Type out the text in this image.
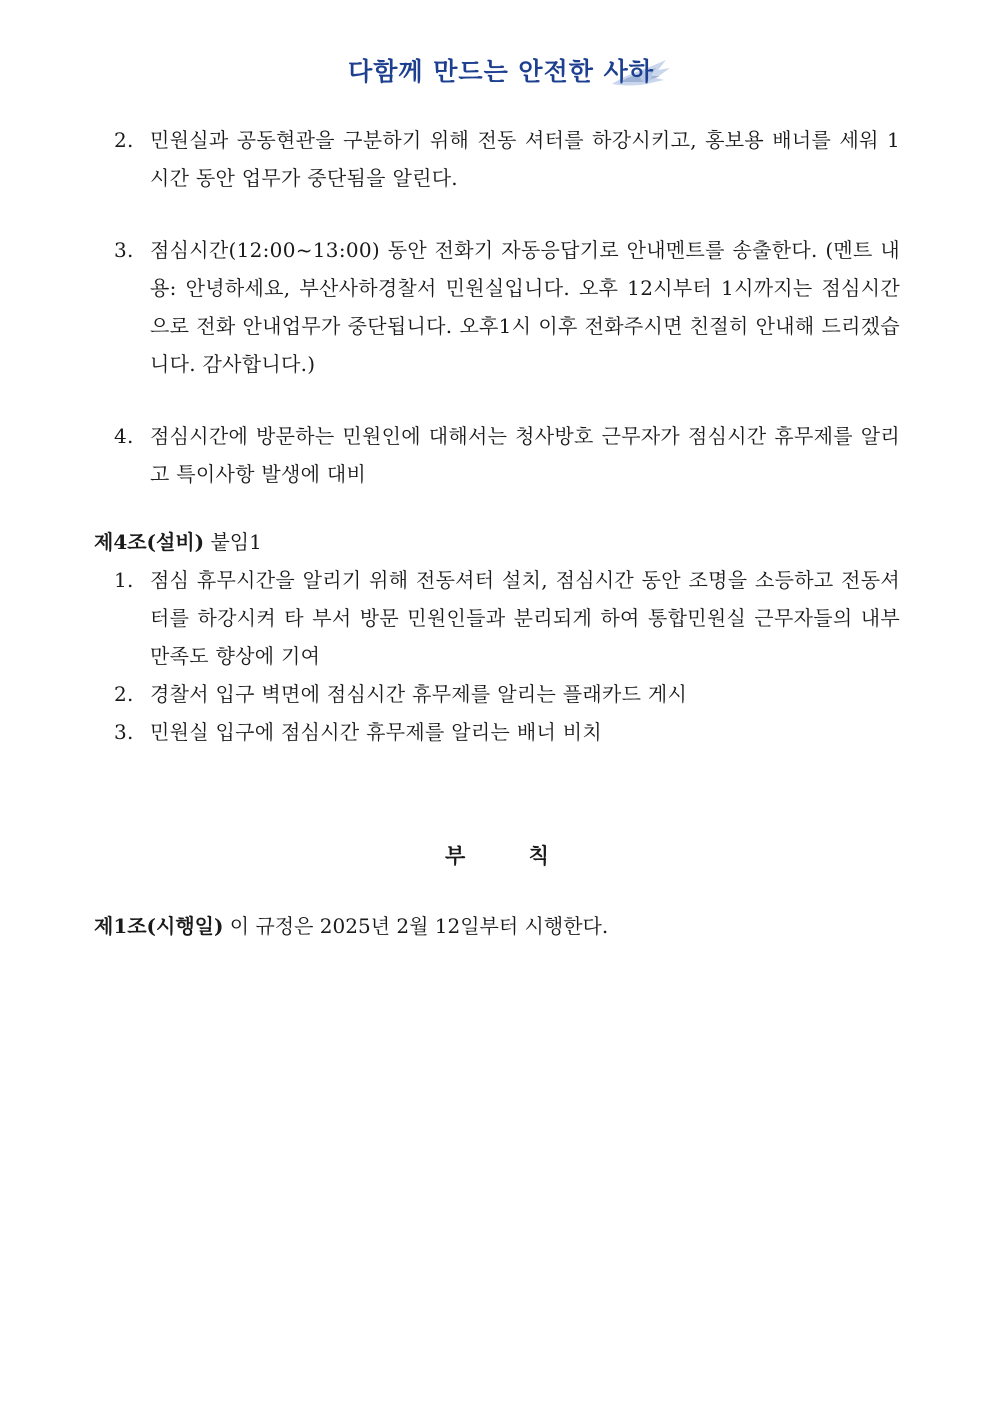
다함께 만드는 안전한 사하
2. 민원실과 공동현관을 구분하기 위해 전동 셔터를 하강시키고, 홍보용 배너를 세워 1시간 동안 업무가 중단됨을 알린다.
3. 점심시간(12:00~13:00) 동안 전화기 자동응답기로 안내멘트를 송출한다. (멘트 내용: 안녕하세요, 부산사하경찰서 민원실입니다. 오후 12시부터 1시까지는 점심시간으로 전화 안내업무가 중단됩니다. 오후1시 이후 전화주시면 친절히 안내해 드리겠습니다. 감사합니다.)
4. 점심시간에 방문하는 민원인에 대해서는 청사방호 근무자가 점심시간 휴무제를 알리고 특이사항 발생에 대비
제4조(설비) 붙임1
1. 점심 휴무시간을 알리기 위해 전동셔터 설치, 점심시간 동안 조명을 소등하고 전동셔터를 하강시켜 타 부서 방문 민원인들과 분리되게 하여 통합민원실 근무자들의 내부만족도 향상에 기여
2. 경찰서 입구 벽면에 점심시간 휴무제를 알리는 플래카드 게시
3. 민원실 입구에 점심시간 휴무제를 알리는 배너 비치
부 칙
제1조(시행일) 이 규정은 2025년 2월 12일부터 시행한다.
